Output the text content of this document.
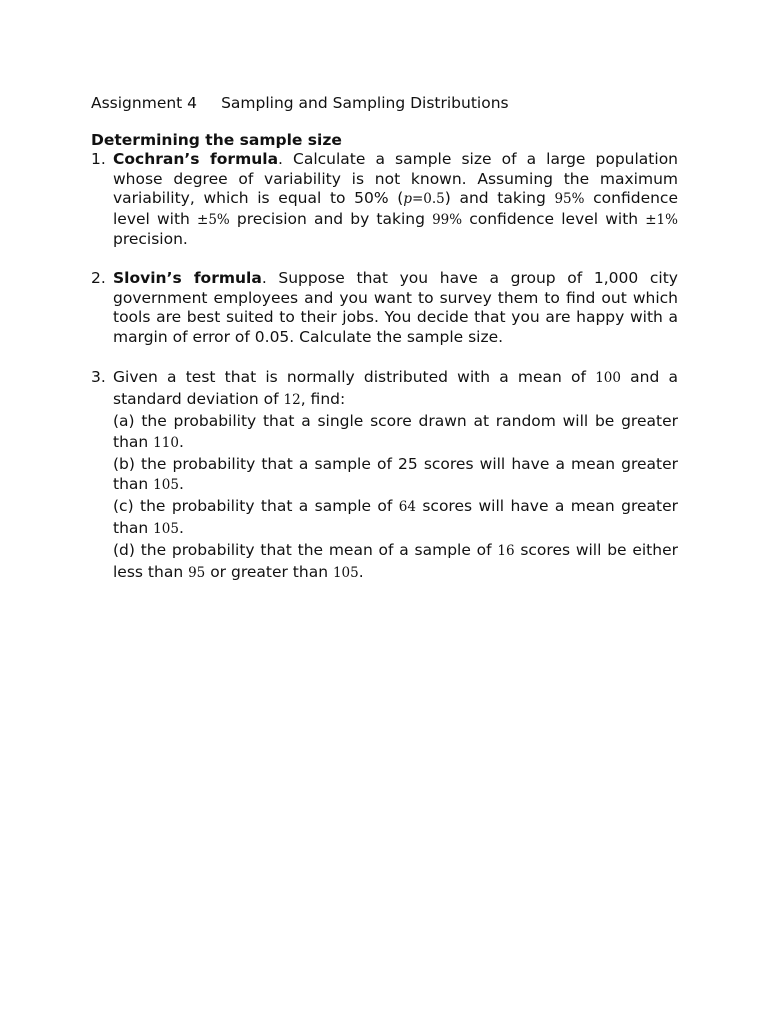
Assignment 4 Sampling and Sampling Distributions
Determining the sample size
1. Cochran’s formula. Calculate a sample size of a large population whose degree of variability is not known. Assuming the maximum variability, which is equal to 50% (p=0.5) and taking 95% confidence level with ±5% precision and by taking 99% confidence level with ±1% precision.
2. Slovin’s formula. Suppose that you have a group of 1,000 city government employees and you want to survey them to find out which tools are best suited to their jobs. You decide that you are happy with a margin of error of 0.05. Calculate the sample size.
3. Given a test that is normally distributed with a mean of 100 and a standard deviation of 12, find:
(a) the probability that a single score drawn at random will be greater than 110.
(b) the probability that a sample of 25 scores will have a mean greater than 105.
(c) the probability that a sample of 64 scores will have a mean greater than 105.
(d) the probability that the mean of a sample of 16 scores will be either less than 95 or greater than 105.
